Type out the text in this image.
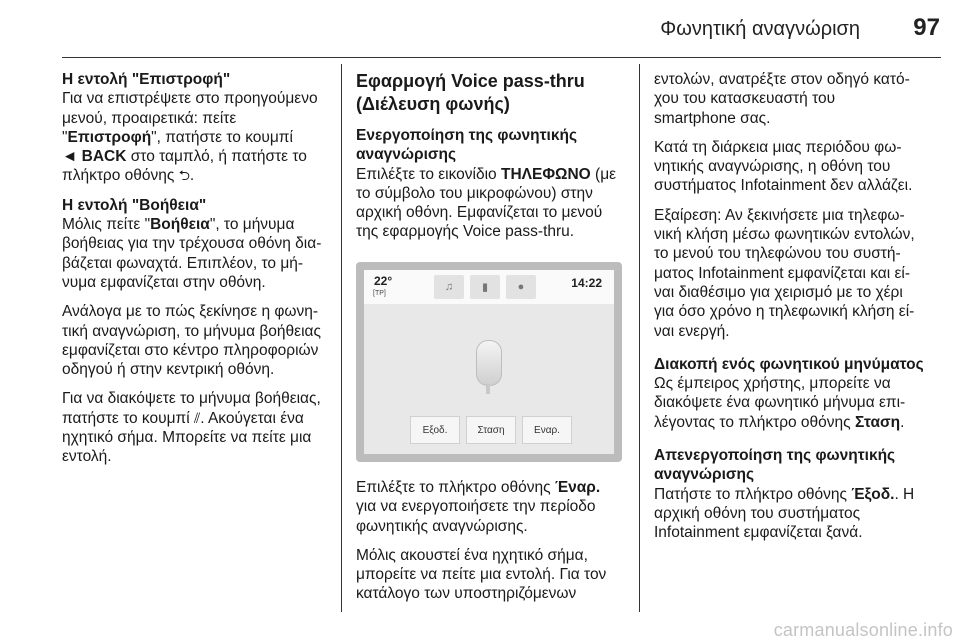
Φωνητική αναγνώριση	97
Η εντολή "Επιστροφή"

Για να επιστρέψετε στο προηγούμενο
μενού, προαιρετικά: πείτε
"Επιστροφή", πατήστε το κουμπί
◄ BACK στο ταμπλό, ή πατήστε το
πλήκτρο οθόνης ⮌.

Η εντολή "Βοήθεια"

Μόλις πείτε "Βοήθεια", το μήνυμα
βοήθειας για την τρέχουσα οθόνη δια-
βάζεται φωναχτά. Επιπλέον, το μή-
νυμα εμφανίζεται στην οθόνη.

Ανάλογα με το πώς ξεκίνησε η φωνη-
τική αναγνώριση, το μήνυμα βοήθειας
εμφανίζεται στο κέντρο πληροφοριών
οδηγού ή στην κεντρική οθόνη.

Για να διακόψετε το μήνυμα βοήθειας,
πατήστε το κουμπί ⫽. Ακούγεται ένα
ηχητικό σήμα. Μπορείτε να πείτε μια
εντολή.

Εφαρμογή Voice pass-thru
(Διέλευση φωνής)
Ενεργοποίηση της φωνητικής
αναγνώρισης

Επιλέξτε το εικονίδιο ΤΗΛΕΦΩΝΟ (με
το σύμβολο του μικροφώνου) στην
αρχική οθόνη. Εμφανίζεται το μενού
της εφαρμογής Voice pass-thru.

22°
[TP]
♫	▮	●	14:22
Εξοδ.	Σταση	Εναρ.

Επιλέξτε το πλήκτρο οθόνης Έναρ.
για να ενεργοποιήσετε την περίοδο
φωνητικής αναγνώρισης.

Μόλις ακουστεί ένα ηχητικό σήμα,
μπορείτε να πείτε μια εντολή. Για τον
κατάλογο των υποστηριζόμενων

εντολών, ανατρέξτε στον οδηγό κατό-
χου του κατασκευαστή του
smartphone σας.

Κατά τη διάρκεια μιας περιόδου φω-
νητικής αναγνώρισης, η οθόνη του
συστήματος Infotainment δεν αλλάζει.

Εξαίρεση: Αν ξεκινήσετε μια τηλεφω-
νική κλήση μέσω φωνητικών εντολών,
το μενού του τηλεφώνου του συστή-
ματος Infotainment εμφανίζεται και εί-
ναι διαθέσιμο για χειρισμό με το χέρι
για όσο χρόνο η τηλεφωνική κλήση εί-
ναι ενεργή.

Διακοπή ενός φωνητικού μηνύματος

Ως έμπειρος χρήστης, μπορείτε να
διακόψετε ένα φωνητικό μήνυμα επι-
λέγοντας το πλήκτρο οθόνης Σταση.

Απενεργοποίηση της φωνητικής
αναγνώρισης

Πατήστε το πλήκτρο οθόνης Έξοδ.. Η
αρχική οθόνη του συστήματος
Infotainment εμφανίζεται ξανά.

carmanualsonline.info
